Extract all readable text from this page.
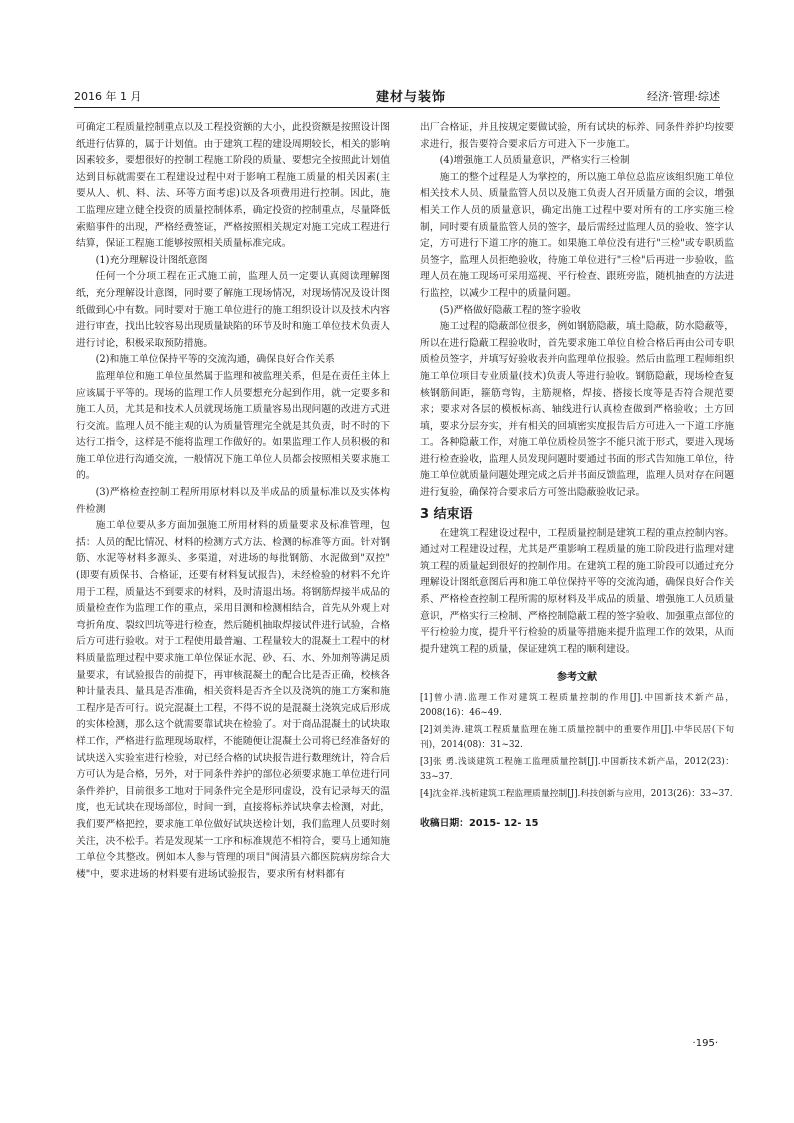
2016 年 1 月	建材与装饰	经济·管理·综述

可确定工程质量控制重点以及工程投资额的大小，此投资额是按照设计图纸进行估算的，属于计划值。由于建筑工程的建设周期较长，相关的影响因素较多，要想很好的控制工程施工阶段的质量、要想完全按照此计划值达到目标就需要在工程建设过程中对于影响工程施工质量的相关因素(主要从人、机、料、法、环等方面考虑)以及各项费用进行控制。因此，施工监理应建立健全投资的质量控制体系，确定投资的控制重点，尽量降低索赔事件的出现，严格经费签证，严格按照相关规定对施工完成工程进行结算，保证工程施工能够按照相关质量标准完成。

(1)充分理解设计图纸意图

任何一个分项工程在正式施工前，监理人员一定要认真阅读理解图纸，充分理解设计意图，同时要了解施工现场情况，对现场情况及设计图纸做到心中有数。同时要对于施工单位进行的施工组织设计以及技术内容进行审查，找出比较容易出现质量缺陷的环节及时和施工单位技术负责人进行讨论，积极采取预防措施。

(2)和施工单位保持平等的交流沟通，确保良好合作关系

监理单位和施工单位虽然属于监理和被监理关系，但是在责任主体上应该属于平等的。现场的监理工作人员要想充分起到作用，就一定要多和施工人员，尤其是和技术人员就现场施工质量容易出现问题的改进方式进行交流。监理人员不能主观的认为质量管理完全就是其负责，时不时的下达行工指令，这样是不能将监理工作做好的。如果监理工作人员积极的和施工单位进行沟通交流，一般情况下施工单位人员都会按照相关要求施工的。

(3)严格检查控制工程所用原材料以及半成品的质量标准以及实体构件检测

施工单位要从多方面加强施工所用材料的质量要求及标准管理，包括：人员的配比情况、材料的检测方式方法、检测的标准等方面。针对钢筋、水泥等材料多源头、多渠道，对进场的每批钢筋、水泥做到"双控"(即要有质保书、合格证，还要有材料复试报告)，未经检验的材料不允许用于工程，质量达不到要求的材料，及时清退出场。将钢筋焊接半成品的质量检查作为监理工作的重点，采用目测和检测相结合，首先从外观上对弯折角度、裂纹凹坑等进行检查，然后随机抽取焊接试件进行试验，合格后方可进行验收。对于工程使用最普遍、工程量较大的混凝土工程中的材料质量监理过程中要求施工单位保证水泥、砂、石、水、外加剂等满足质量要求，有试验报告的前提下，再审核混凝土的配合比是否正确，校核各种计量表具、量具是否准确，相关资料是否齐全以及浇筑的施工方案和施工程序是否可行。说完混凝土工程，不得不说的是混凝土浇筑完成后形成的实体检测，那么这个就需要靠试块在检验了。对于商品混凝土的试块取样工作，严格进行监理现场取样，不能随便让混凝土公司将已经准备好的试块送入实验室进行检验，对已经合格的试块报告进行数理统计，符合后方可认为是合格，另外，对于同条件养护的部位必须要求施工单位进行同条件养护，目前很多工地对于同条件完全是形同虚设，没有记录每天的温度，也无试块在现场部位，时间一到，直接将标养试块拿去检测，对此，我们要严格把控，要求施工单位做好试块送检计划，我们监理人员要时刻关注，决不松手。若是发现某一工序和标准规范不相符合，要马上通知施工单位令其整改。例如本人参与管理的项目"闽清县六都医院病房综合大楼"中，要求进场的材料要有进场试验报告，要求所有材料都有

出厂合格证，并且按规定要做试验，所有试块的标养、同条件养护均按要求进行，报告要符合要求后方可进入下一步施工。

(4)增强施工人员质量意识，严格实行三检制

施工的整个过程是人为掌控的，所以施工单位总监应该组织施工单位相关技术人员、质量监管人员以及施工负责人召开质量方面的会议，增强相关工作人员的质量意识，确定出施工过程中要对所有的工序实施三检制，同时要有质量监管人员的签字，最后需经过监理人员的验收、签字认定，方可进行下道工序的施工。如果施工单位没有进行"三检"或专职质监员签字，监理人员拒绝验收，待施工单位进行"三检"后再进一步验收，监理人员在施工现场可采用巡视、平行检查、跟班旁监，随机抽查的方法进行监控，以减少工程中的质量问题。

(5)严格做好隐蔽工程的签字验收

施工过程的隐蔽部位很多，例如钢筋隐蔽，填土隐蔽，防水隐蔽等，所以在进行隐蔽工程验收时，首先要求施工单位自检合格后再由公司专职质检员签字，并填写好验收表并向监理单位报验。然后由监理工程师组织施工单位项目专业质量(技术)负责人等进行验收。钢筋隐蔽，现场检查复核钢筋间距，箍筋弯钩，主筋规格，焊接、搭接长度等是否符合规范要求；要求对各层的模板标高、轴线进行认真检查做到严格验收；土方回填，要求分层夯实，并有相关的回填密实度报告后方可进入一下道工序施工。各种隐蔽工作，对施工单位质检员签字不能只流于形式，要进入现场进行检查验收，监理人员发现问题时要通过书面的形式告知施工单位，待施工单位就质量问题处理完成之后并书面反馈监理，监理人员对存在问题进行复验，确保符合要求后方可签出隐蔽验收记录。

3 结束语

在建筑工程建设过程中，工程质量控制是建筑工程的重点控制内容。通过对工程建设过程，尤其是严重影响工程质量的施工阶段进行监理对建筑工程的质量起到很好的控制作用。在建筑工程的施工阶段可以通过充分理解设计图纸意图后再和施工单位保持平等的交流沟通，确保良好合作关系、严格检查控制工程所需的原材料及半成品的质量、增强施工人员质量意识，严格实行三检制、严格控制隐蔽工程的签字验收、加强重点部位的平行检验力度，提升平行检验的质量等措施来提升监理工作的效果，从而提升建筑工程的质量，保证建筑工程的顺利建设。

参考文献

[1]曾小清.监理工作对建筑工程质量控制的作用[J].中国新技术新产品，2008(16)：46~49.

[2]刘美涛.建筑工程质量监理在施工质量控制中的重要作用[J].中华民居(下旬刊)，2014(08)：31~32.

[3]张 勇.浅谈建筑工程施工监理质量控制[J].中国新技术新产品，2012(23)：33~37.

[4]沈金祥.浅析建筑工程监理质量控制[J].科技创新与应用，2013(26)：33~37.

收稿日期：2015- 12- 15
·195·
